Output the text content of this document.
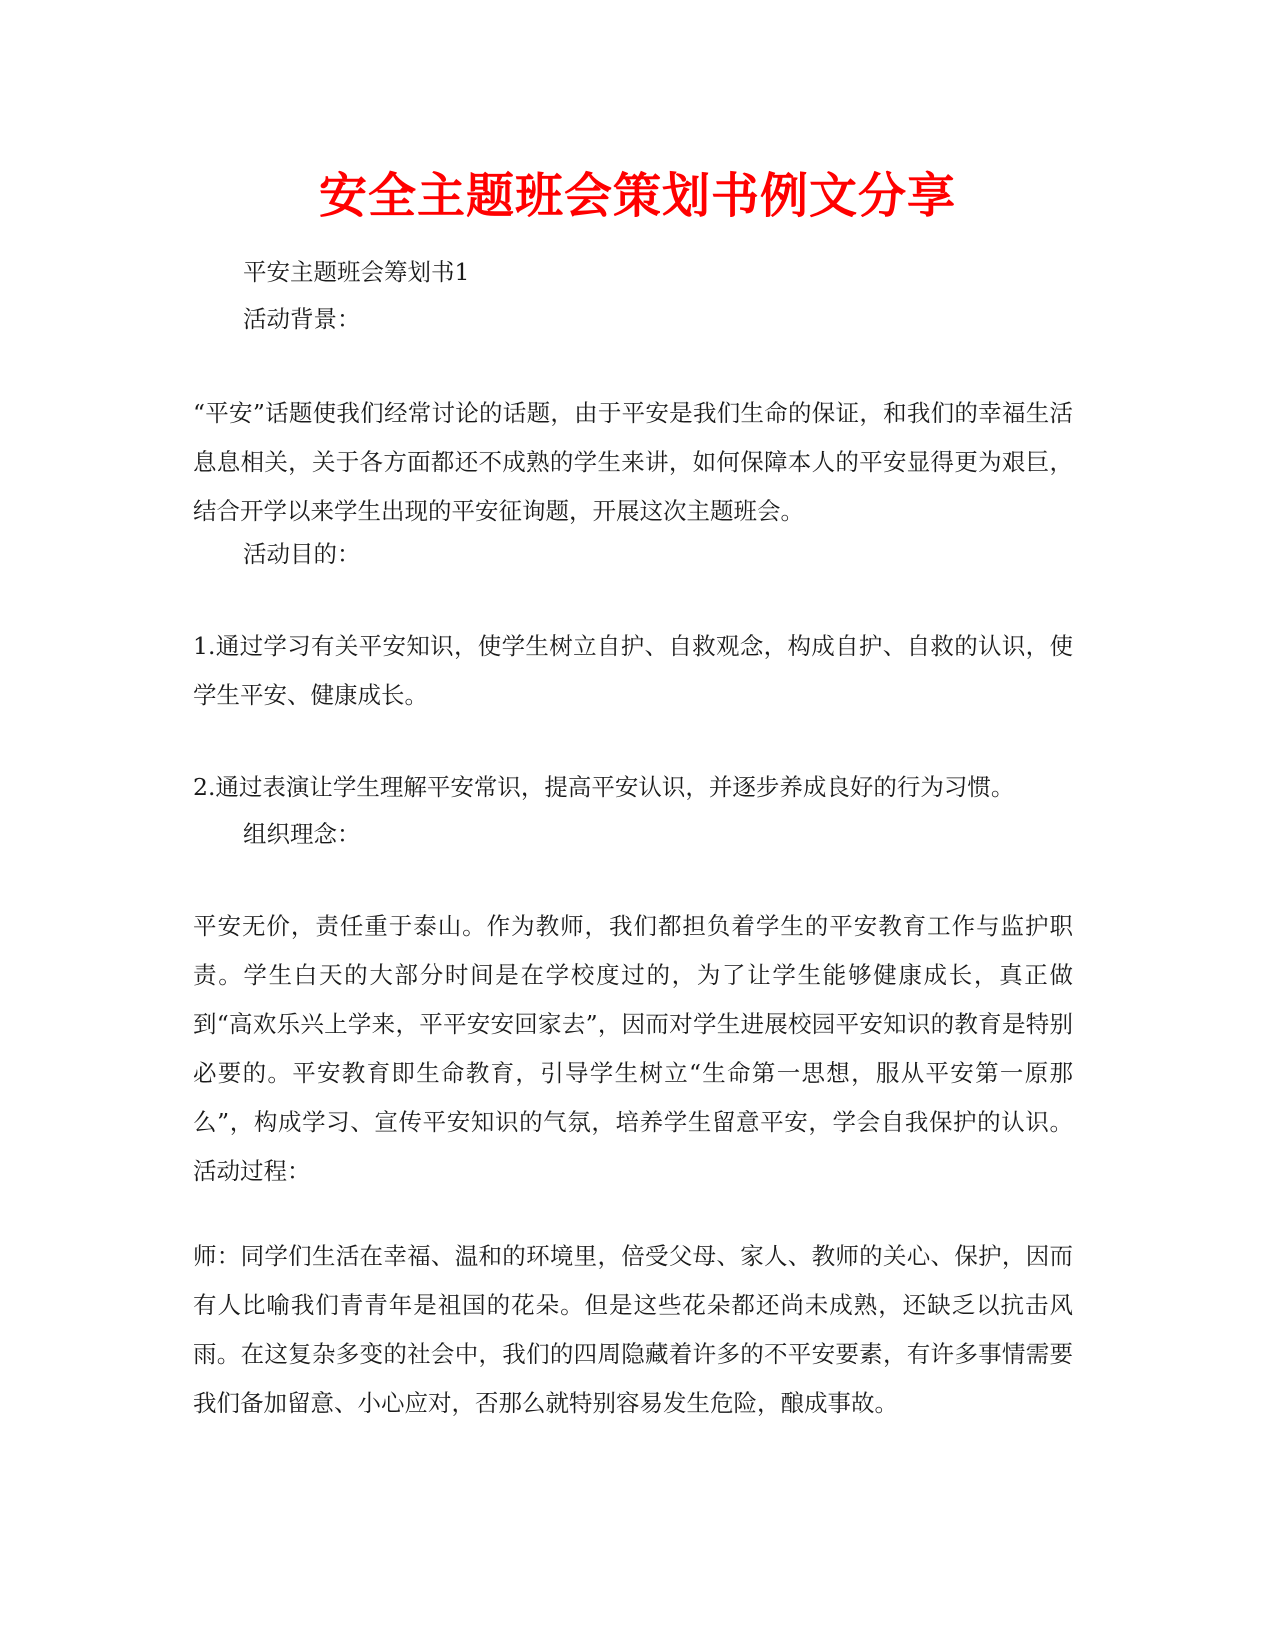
安全主题班会策划书例文分享

平安主题班会筹划书1

活动背景：

“平安”话题使我们经常讨论的话题，由于平安是我们生命的保证，和我们的幸福生活息息相关，关于各方面都还不成熟的学生来讲，如何保障本人的平安显得更为艰巨，结合开学以来学生出现的平安征询题，开展这次主题班会。

活动目的：

1.通过学习有关平安知识，使学生树立自护、自救观念，构成自护、自救的认识，使学生平安、健康成长。

2.通过表演让学生理解平安常识，提高平安认识，并逐步养成良好的行为习惯。

组织理念：

平安无价，责任重于泰山。作为教师，我们都担负着学生的平安教育工作与监护职责。学生白天的大部分时间是在学校度过的，为了让学生能够健康成长，真正做到“高欢乐兴上学来，平平安安回家去”，因而对学生进展校园平安知识的教育是特别必要的。平安教育即生命教育，引导学生树立“生命第一思想，服从平安第一原那么”，构成学习、宣传平安知识的气氛，培养学生留意平安，学会自我保护的认识。 活动过程：

师：同学们生活在幸福、温和的环境里，倍受父母、家人、教师的关心、保护，因而有人比喻我们青青年是祖国的花朵。但是这些花朵都还尚未成熟，还缺乏以抗击风雨。在这复杂多变的社会中，我们的四周隐藏着许多的不平安要素，有许多事情需要我们备加留意、小心应对，否那么就特别容易发生危险，酿成事故。
